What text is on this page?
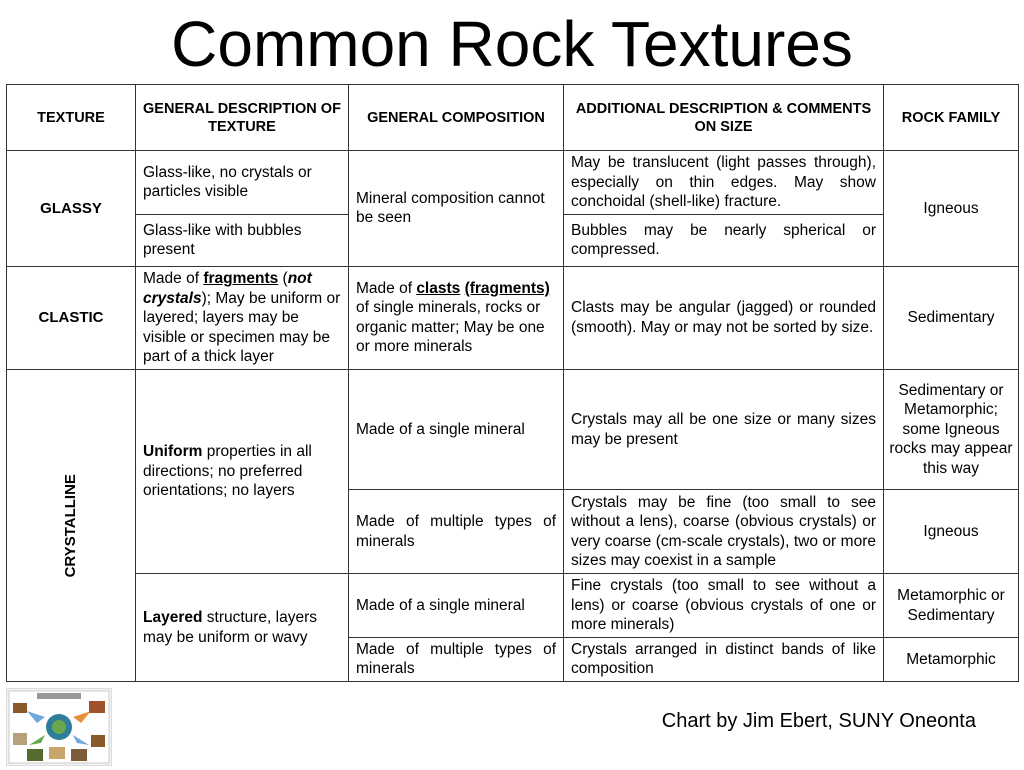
Common Rock Textures
TEXTURE	GENERAL DESCRIPTION OF TEXTURE	GENERAL COMPOSITION	ADDITIONAL DESCRIPTION & COMMENTS ON SIZE	ROCK FAMILY
GLASSY	Glass-like, no crystals or particles visible	Mineral composition cannot be seen	May be translucent (light passes through), especially on thin edges. May show conchoidal (shell-like) fracture.	Igneous
	Glass-like with bubbles present		Bubbles may be nearly spherical or compressed.	
CLASTIC	Made of fragments (not crystals); May be uniform or layered; layers may be visible or specimen may be part of a thick layer	Made of clasts (fragments) of single minerals, rocks or organic matter; May be one or more minerals	Clasts may be angular (jagged) or rounded (smooth). May or may not be sorted by size.	Sedimentary
CRYSTALLINE	Uniform properties in all directions; no preferred orientations; no layers	Made of a single mineral	Crystals may all be one size or many sizes may be present	Sedimentary or Metamorphic; some Igneous rocks may appear this way
		Made of multiple types of minerals	Crystals may be fine (too small to see without a lens), coarse (obvious crystals) or very coarse (cm-scale crystals), two or more sizes may coexist in a sample	Igneous
	Layered structure, layers may be uniform or wavy	Made of a single mineral	Fine crystals (too small to see without a lens) or coarse (obvious crystals of one or more minerals)	Metamorphic or Sedimentary
		Made of multiple types of minerals	Crystals arranged in distinct bands of like composition	Metamorphic
Chart by Jim Ebert, SUNY Oneonta
